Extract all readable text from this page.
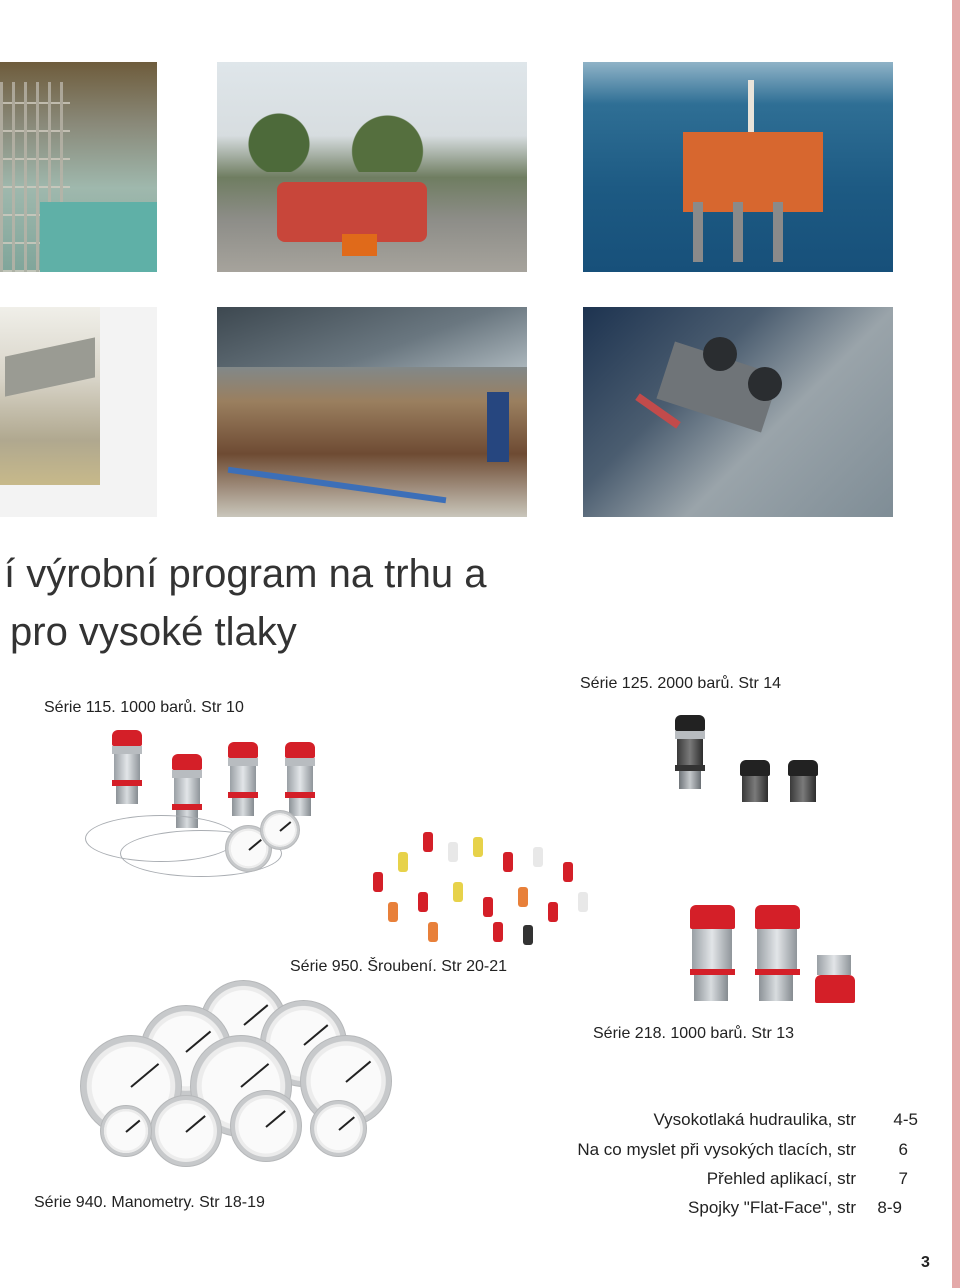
í výrobní program na trhu a
pro vysoké tlaky
Série 115. 1000 barů. Str 10
Série 125. 2000 barů. Str 14
Série 950. Šroubení. Str 20-21
Série 218. 1000 barů. Str 13
Série 940. Manometry. Str 18-19
Vysokotlaká hudraulika, str 4-5
Na co myslet při vysokých tlacích, str	6
Přehled aplikací, str	7
Spojky "Flat-Face", str 8-9
3
